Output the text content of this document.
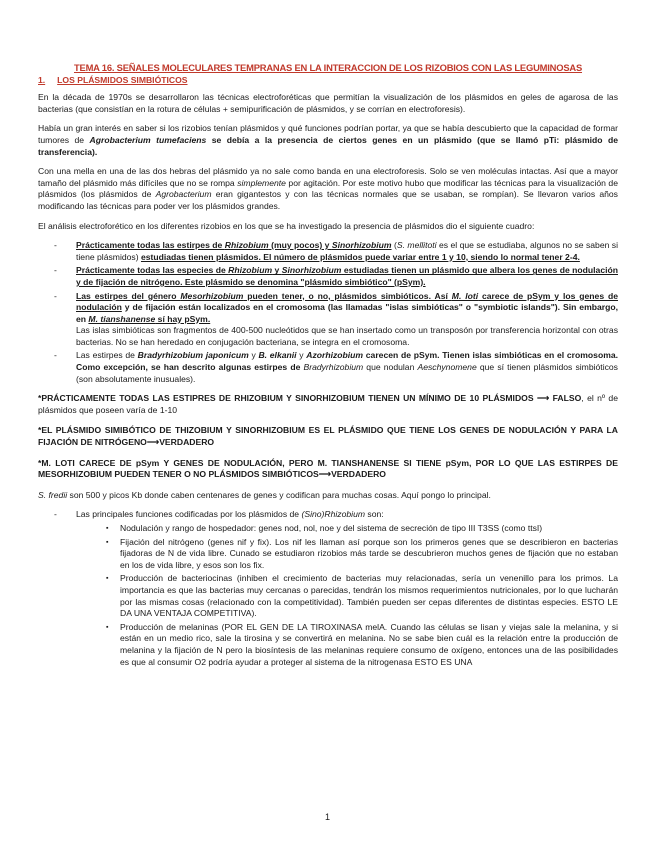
TEMA 16. SEÑALES MOLECULARES TEMPRANAS EN LA INTERACCION DE LOS RIZOBIOS CON LAS LEGUMINOSAS
1. LOS PLÁSMIDOS SIMBIÓTICOS

En la década de 1970s se desarrollaron las técnicas electroforéticas que permitían la visualización de los plásmidos en geles de agarosa de las bacterias (que consistían en la rotura de células + semipurificación de plásmidos, y se corrían en electroforesis).

Había un gran interés en saber si los rizobios tenían plásmidos y qué funciones podrían portar, ya que se había descubierto que la capacidad de formar tumores de Agrobacterium tumefaciens se debía a la presencia de ciertos genes en un plásmido (que se llamó pTi: plásmido de transferencia).

Con una mella en una de las dos hebras del plásmido ya no sale como banda en una electroforesis. Solo se ven moléculas intactas. Así que a mayor tamaño del plásmido más difíciles que no se rompa simplemente por agitación. Por este motivo hubo que modificar las técnicas para la visualización de plásmidos (los plásmidos de Agrobacterium eran gigantestos y con las técnicas normales que se usaban, se rompían). Se llevaron varios años modificando las técnicas para poder ver los plásmidos grandes.

El análisis electroforético en los diferentes rizobios en los que se ha investigado la presencia de plásmidos dio el siguiente cuadro:

- Prácticamente todas las estirpes de Rhizobium (muy pocos) y Sinorhizobium (S. mellitoti es el que se estudiaba, algunos no se saben si tiene plásmidos) estudiadas tienen plásmidos. El número de plásmidos puede variar entre 1 y 10, siendo lo normal tener 2-4.
- Prácticamente todas las especies de Rhizobium y Sinorhizobium estudiadas tienen un plásmido que albera los genes de nodulación y de fijación de nitrógeno. Este plásmido se denomina "plásmido simbiótico" (pSym).
- Las estirpes del género Mesorhizobium pueden tener, o no, plásmidos simbióticos. Así M. loti carece de pSym y los genes de nodulación y de fijación están localizados en el cromosoma (las llamadas "islas simbióticas" o "symbiotic islands"). Sin embargo, en M. tianshanense sí hay pSym.
Las islas simbióticas son fragmentos de 400-500 nucleótidos que se han insertado como un transposón por transferencia horizontal con otras bacterias. No se han heredado en conjugación bacteriana, se integra en el cromosoma.
- Las estirpes de Bradyrhizobium japonicum y B. elkanii y Azorhizobium carecen de pSym. Tienen islas simbióticas en el cromosoma. Como excepción, se han descrito algunas estirpes de Bradyrhizobium que nodulan Aeschynomene que sí tienen plásmidos simbióticos (son absolutamente inusuales).

*PRÁCTICAMENTE TODAS LAS ESTIPRES DE RHIZOBIUM Y SINORHIZOBIUM TIENEN UN MÍNIMO DE 10 PLÁSMIDOS ⟶ FALSO, el nº de plásmidos que poseen varía de 1-10

*EL PLÁSMIDO SIMIBÓTICO DE THIZOBIUM Y SINORHIZOBIUM ES EL PLÁSMIDO QUE TIENE LOS GENES DE NODULACIÓN Y PARA LA FIJACIÓN DE NITRÓGENO⟶VERDADERO

*M. LOTI CARECE DE pSym Y GENES DE NODULACIÓN, PERO M. TIANSHANENSE SI TIENE pSym, POR LO QUE LAS ESTIRPES DE MESORHIZOBIUM PUEDEN TENER O NO PLÁSMIDOS SIMBIÓTICOS⟶VERDADERO

S. fredii son 500 y picos Kb donde caben centenares de genes y codifican para muchas cosas. Aquí pongo lo principal.

- Las principales funciones codificadas por los plásmidos de (Sino)Rhizobium son:
▪ Nodulación y rango de hospedador: genes nod, nol, noe y del sistema de secreción de tipo III T3SS (como ttsI)
▪ Fijación del nitrógeno (genes nif y fix). Los nif les llaman así porque son los primeros genes que se describieron en bacterias fijadoras de N de vida libre. Cunado se estudiaron rizobios más tarde se descubrieron muchos genes de fijación que no estaban en los de vida libre, y esos son los fix.
▪ Producción de bacteriocinas (inhiben el crecimiento de bacterias muy relacionadas, sería un venenillo para los primos. La importancia es que las bacterias muy cercanas o parecidas, tendrán los mismos requerimientos nutricionales, por lo que lucharán por las mismas cosas (relacionado con la competitividad). También pueden ser cepas diferentes de distintas especies. ESTO LE DA UNA VENTAJA COMPETITIVA).
▪ Producción de melaninas (POR EL GEN DE LA TIROXINASA melA. Cuando las células se lisan y viejas sale la melanina, y si están en un medio rico, sale la tirosina y se convertirá en melanina. No se sabe bien cuál es la relación entre la producción de melanina y la fijación de N pero la biosíntesis de las melaninas requiere consumo de oxígeno, entonces una de las posibilidades es que al consumir O2 podría ayudar a proteger al sistema de la nitrogenasa ESTO ES UNA
1
